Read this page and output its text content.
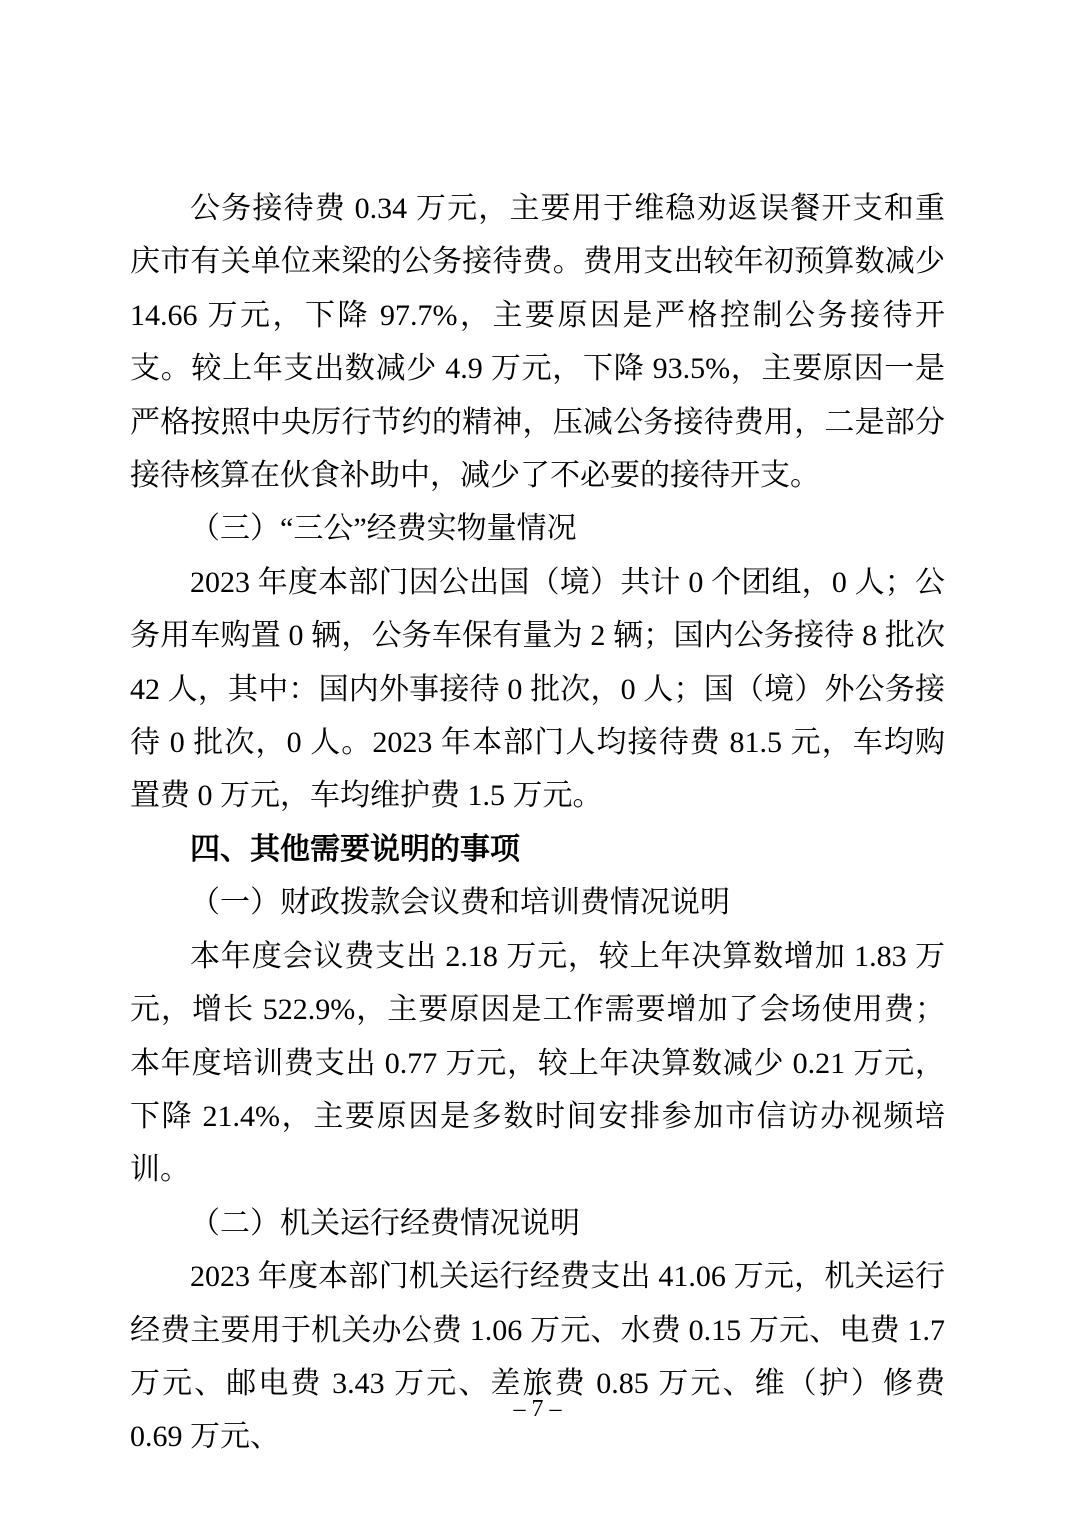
公务接待费 0.34 万元，主要用于维稳劝返误餐开支和重庆市有关单位来梁的公务接待费。费用支出较年初预算数减少 14.66 万元，下降 97.7%，主要原因是严格控制公务接待开支。较上年支出数减少 4.9 万元，下降 93.5%，主要原因一是严格按照中央厉行节约的精神，压减公务接待费用，二是部分接待核算在伙食补助中，减少了不必要的接待开支。

（三）“三公”经费实物量情况

2023 年度本部门因公出国（境）共计 0 个团组，0 人；公务用车购置 0 辆，公务车保有量为 2 辆；国内公务接待 8 批次 42 人，其中：国内外事接待 0 批次，0 人；国（境）外公务接待 0 批次，0 人。2023 年本部门人均接待费 81.5 元，车均购置费 0 万元，车均维护费 1.5 万元。

四、其他需要说明的事项

（一）财政拨款会议费和培训费情况说明

本年度会议费支出 2.18 万元，较上年决算数增加 1.83 万元，增长 522.9%，主要原因是工作需要增加了会场使用费；本年度培训费支出 0.77 万元，较上年决算数减少 0.21 万元，下降 21.4%，主要原因是多数时间安排参加市信访办视频培训。

（二）机关运行经费情况说明

2023 年度本部门机关运行经费支出 41.06 万元，机关运行经费主要用于机关办公费 1.06 万元、水费 0.15 万元、电费 1.7 万元、邮电费 3.43 万元、差旅费 0.85 万元、维（护）修费 0.69 万元、

– 7 –
